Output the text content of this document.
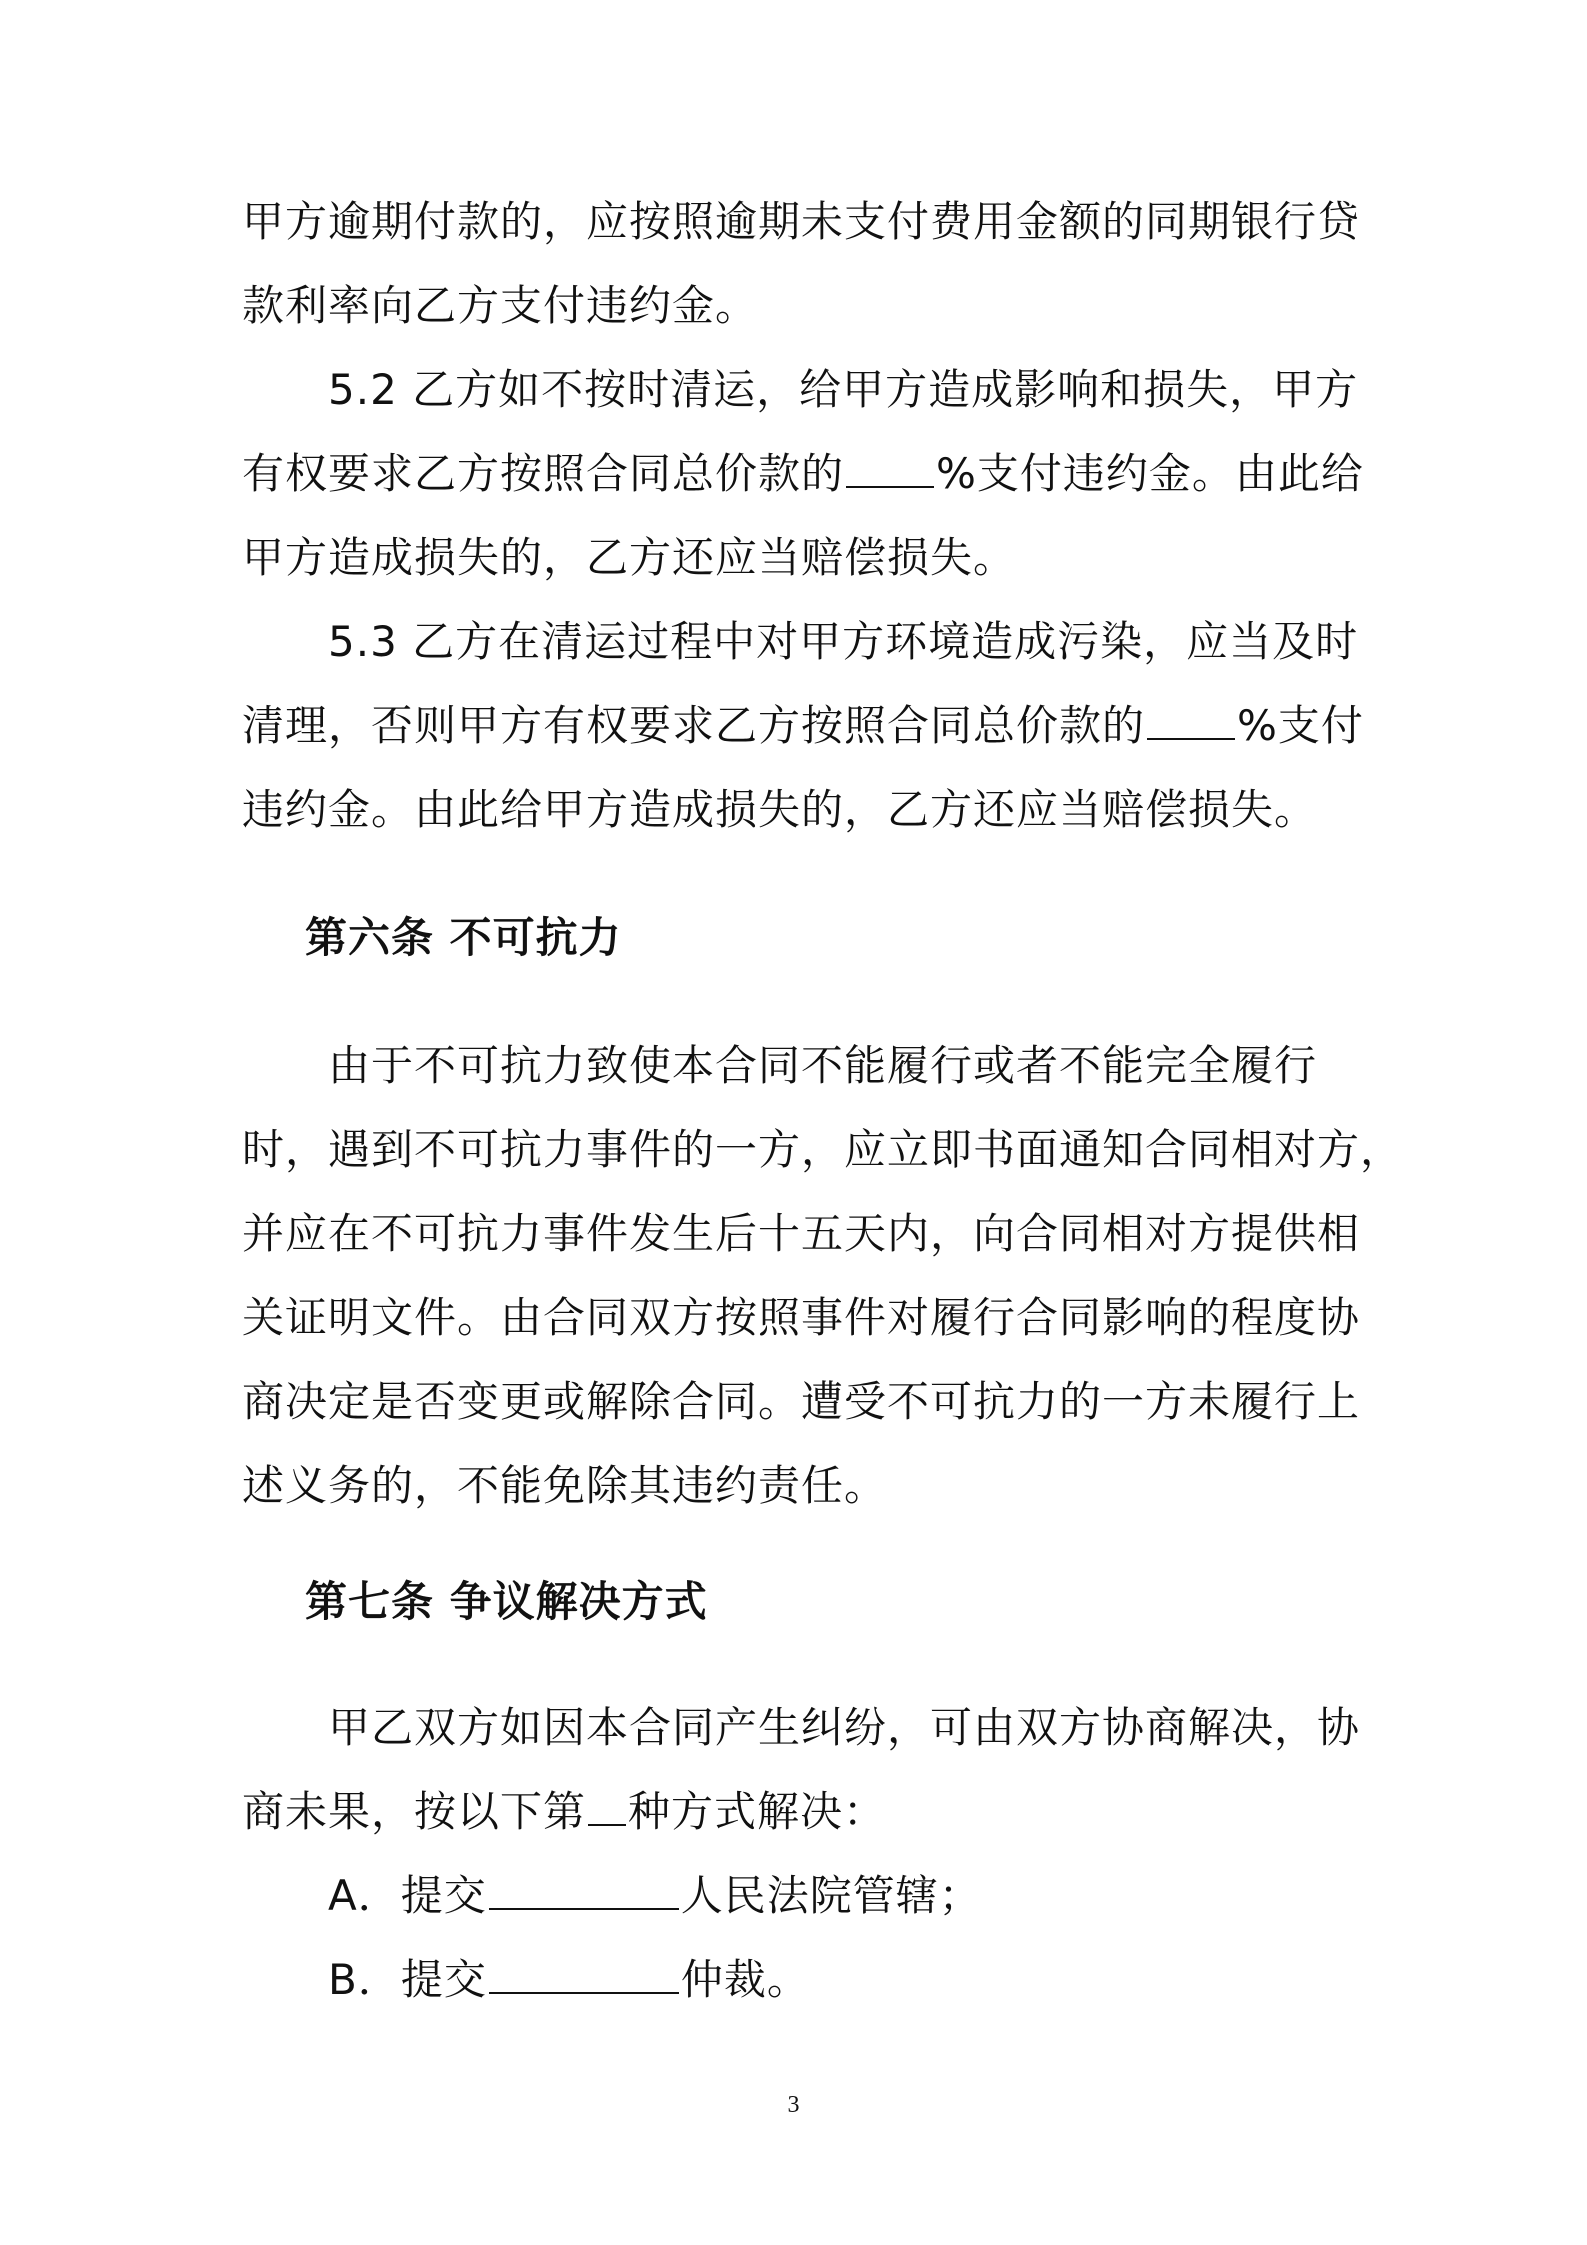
甲方逾期付款的，应按照逾期未支付费用金额的同期银行贷
款利率向乙方支付违约金。
5.2 乙方如不按时清运，给甲方造成影响和损失，甲方
有权要求乙方按照合同总价款的 %支付违约金。由此给
甲方造成损失的，乙方还应当赔偿损失。
5.3 乙方在清运过程中对甲方环境造成污染，应当及时
清理，否则甲方有权要求乙方按照合同总价款的 %支付
违约金。由此给甲方造成损失的，乙方还应当赔偿损失。
第六条 不可抗力
由于不可抗力致使本合同不能履行或者不能完全履行
时，遇到不可抗力事件的一方，应立即书面通知合同相对方，
并应在不可抗力事件发生后十五天内，向合同相对方提供相
关证明文件。由合同双方按照事件对履行合同影响的程度协
商决定是否变更或解除合同。遭受不可抗力的一方未履行上
述义务的，不能免除其违约责任。
第七条 争议解决方式
甲乙双方如因本合同产生纠纷，可由双方协商解决，协
商未果，按以下第 种方式解决：
A．提交	人民法院管辖；
B．提交	仲裁。
3
